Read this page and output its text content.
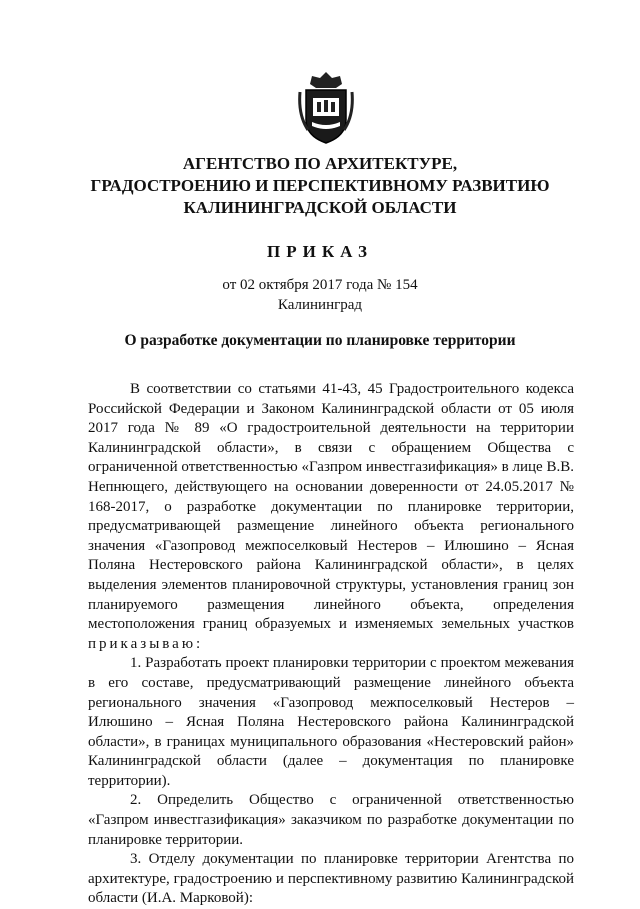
АГЕНТСТВО ПО АРХИТЕКТУРЕ,
ГРАДОСТРОЕНИЮ И ПЕРСПЕКТИВНОМУ РАЗВИТИЮ
КАЛИНИНГРАДСКОЙ ОБЛАСТИ
ПРИКАЗ
от 02 октября 2017 года № 154
Калининград
О разработке документации по планировке территории

В соответствии со статьями 41-43, 45 Градостроительного кодекса Российской Федерации и Законом Калининградской области от 05 июля 2017 года № 89 «О градостроительной деятельности на территории Калининградской области», в связи с обращением Общества с ограниченной ответственностью «Газпром инвестгазификация» в лице В.В. Непнющего, действующего на основании доверенности от 24.05.2017 № 168-2017, о разработке документации по планировке территории, предусматривающей размещение линейного объекта регионального значения «Газопровод межпоселковый Нестеров – Илюшино – Ясная Поляна Нестеровского района Калининградской области», в целях выделения элементов планировочной структуры, установления границ зон планируемого размещения линейного объекта, определения местоположения границ образуемых и изменяемых земельных участков приказываю:

1. Разработать проект планировки территории с проектом межевания в его составе, предусматривающий размещение линейного объекта регионального значения «Газопровод межпоселковый Нестеров – Илюшино – Ясная Поляна Нестеровского района Калининградской области», в границах муниципального образования «Нестеровский район» Калининградской области (далее – документация по планировке территории).

2. Определить Общество с ограниченной ответственностью «Газпром инвестгазификация» заказчиком по разработке документации по планировке территории.

3. Отделу документации по планировке территории Агентства по архитектуре, градостроению и перспективному развитию Калининградской области (И.А. Марковой):
